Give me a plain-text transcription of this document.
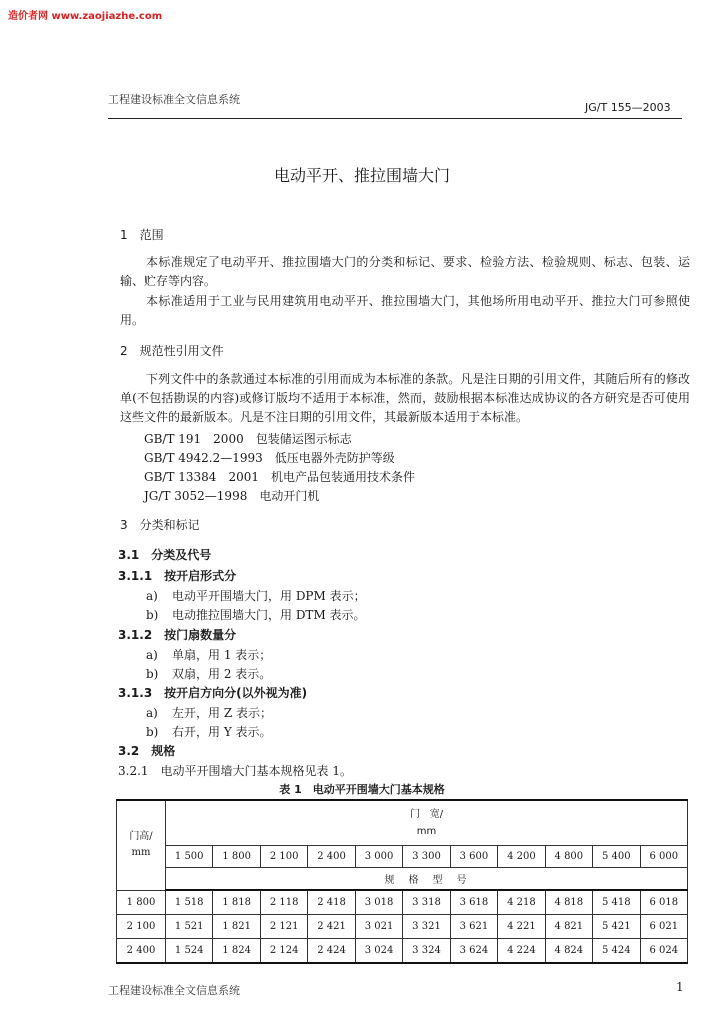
造价者网 www.zaojiazhe.com
工程建设标准全文信息系统
JG/T 155—2003
电动平开、推拉围墙大门
1　范围
本标准规定了电动平开、推拉围墙大门的分类和标记、要求、检验方法、检验规则、标志、包装、运输、贮存等内容。
本标准适用于工业与民用建筑用电动平开、推拉围墙大门，其他场所用电动平开、推拉大门可参照使用。
2　规范性引用文件
下列文件中的条款通过本标准的引用而成为本标准的条款。凡是注日期的引用文件，其随后所有的修改单(不包括勘误的内容)或修订版均不适用于本标准，然而，鼓励根据本标准达成协议的各方研究是否可使用这些文件的最新版本。凡是不注日期的引用文件，其最新版本适用于本标准。
GB/T 191　2000　包装储运图示标志
GB/T 4942.2—1993　低压电器外壳防护等级
GB/T 13384　2001　机电产品包装通用技术条件
JG/T 3052—1998　电动开门机
3　分类和标记
3.1　分类及代号
3.1.1　按开启形式分
a) 电动平开围墙大门，用 DPM 表示；
b) 电动推拉围墙大门，用 DTM 表示。
3.1.2　按门扇数量分
a) 单扇，用 1 表示；
b) 双扇，用 2 表示。
3.1.3　按开启方向分(以外视为准)
a) 左开，用 Z 表示；
b) 右开，用 Y 表示。
3.2　规格
3.2.1　电动平开围墙大门基本规格见表 1。
表 1　电动平开围墙大门基本规格
门高/
mm	门　宽/
mm										
	1 500	1 800	2 100	2 400	3 000	3 300	3 600	4 200	4 800	5 400	6 000
	规　格　型　号										
1 800	1 518	1 818	2 118	2 418	3 018	3 318	3 618	4 218	4 818	5 418	6 018
2 100	1 521	1 821	2 121	2 421	3 021	3 321	3 621	4 221	4 821	5 421	6 021
2 400	1 524	1 824	2 124	2 424	3 024	3 324	3 624	4 224	4 824	5 424	6 024
工程建设标准全文信息系统	1
